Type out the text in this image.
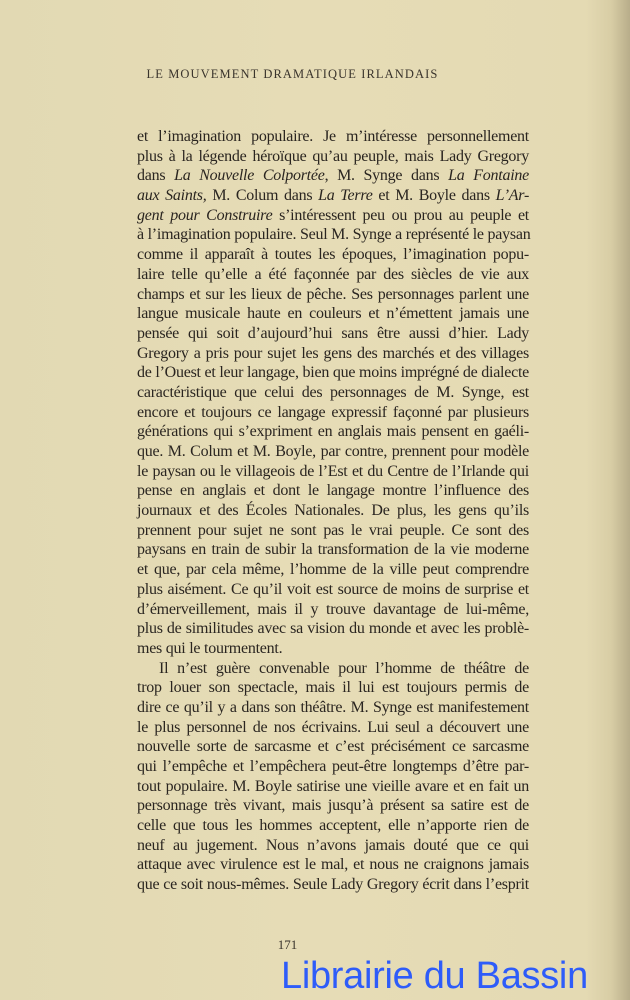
LE MOUVEMENT DRAMATIQUE IRLANDAIS
et l’imagination populaire. Je m’intéresse personnellement
plus à la légende héroïque qu’au peuple, mais Lady Gregory
dans La Nouvelle Colportée, M. Synge dans La Fontaine
aux Saints, M. Colum dans La Terre et M. Boyle dans L’Ar-
gent pour Construire s’intéressent peu ou prou au peuple et
à l’imagination populaire. Seul M. Synge a représenté le paysan
comme il apparaît à toutes les époques, l’imagination popu-
laire telle qu’elle a été façonnée par des siècles de vie aux
champs et sur les lieux de pêche. Ses personnages parlent une
langue musicale haute en couleurs et n’émettent jamais une
pensée qui soit d’aujourd’hui sans être aussi d’hier. Lady
Gregory a pris pour sujet les gens des marchés et des villages
de l’Ouest et leur langage, bien que moins imprégné de dialecte
caractéristique que celui des personnages de M. Synge, est
encore et toujours ce langage expressif façonné par plusieurs
générations qui s’expriment en anglais mais pensent en gaéli-
que. M. Colum et M. Boyle, par contre, prennent pour modèle
le paysan ou le villageois de l’Est et du Centre de l’Irlande qui
pense en anglais et dont le langage montre l’influence des
journaux et des Écoles Nationales. De plus, les gens qu’ils
prennent pour sujet ne sont pas le vrai peuple. Ce sont des
paysans en train de subir la transformation de la vie moderne
et que, par cela même, l’homme de la ville peut comprendre
plus aisément. Ce qu’il voit est source de moins de surprise et
d’émerveillement, mais il y trouve davantage de lui-même,
plus de similitudes avec sa vision du monde et avec les problè-
mes qui le tourmentent.
Il n’est guère convenable pour l’homme de théâtre de
trop louer son spectacle, mais il lui est toujours permis de
dire ce qu’il y a dans son théâtre. M. Synge est manifestement
le plus personnel de nos écrivains. Lui seul a découvert une
nouvelle sorte de sarcasme et c’est précisément ce sarcasme
qui l’empêche et l’empêchera peut-être longtemps d’être par-
tout populaire. M. Boyle satirise une vieille avare et en fait un
personnage très vivant, mais jusqu’à présent sa satire est de
celle que tous les hommes acceptent, elle n’apporte rien de
neuf au jugement. Nous n’avons jamais douté que ce qui
attaque avec virulence est le mal, et nous ne craignons jamais
que ce soit nous-mêmes. Seule Lady Gregory écrit dans l’esprit
171
Librairie du Bassin
